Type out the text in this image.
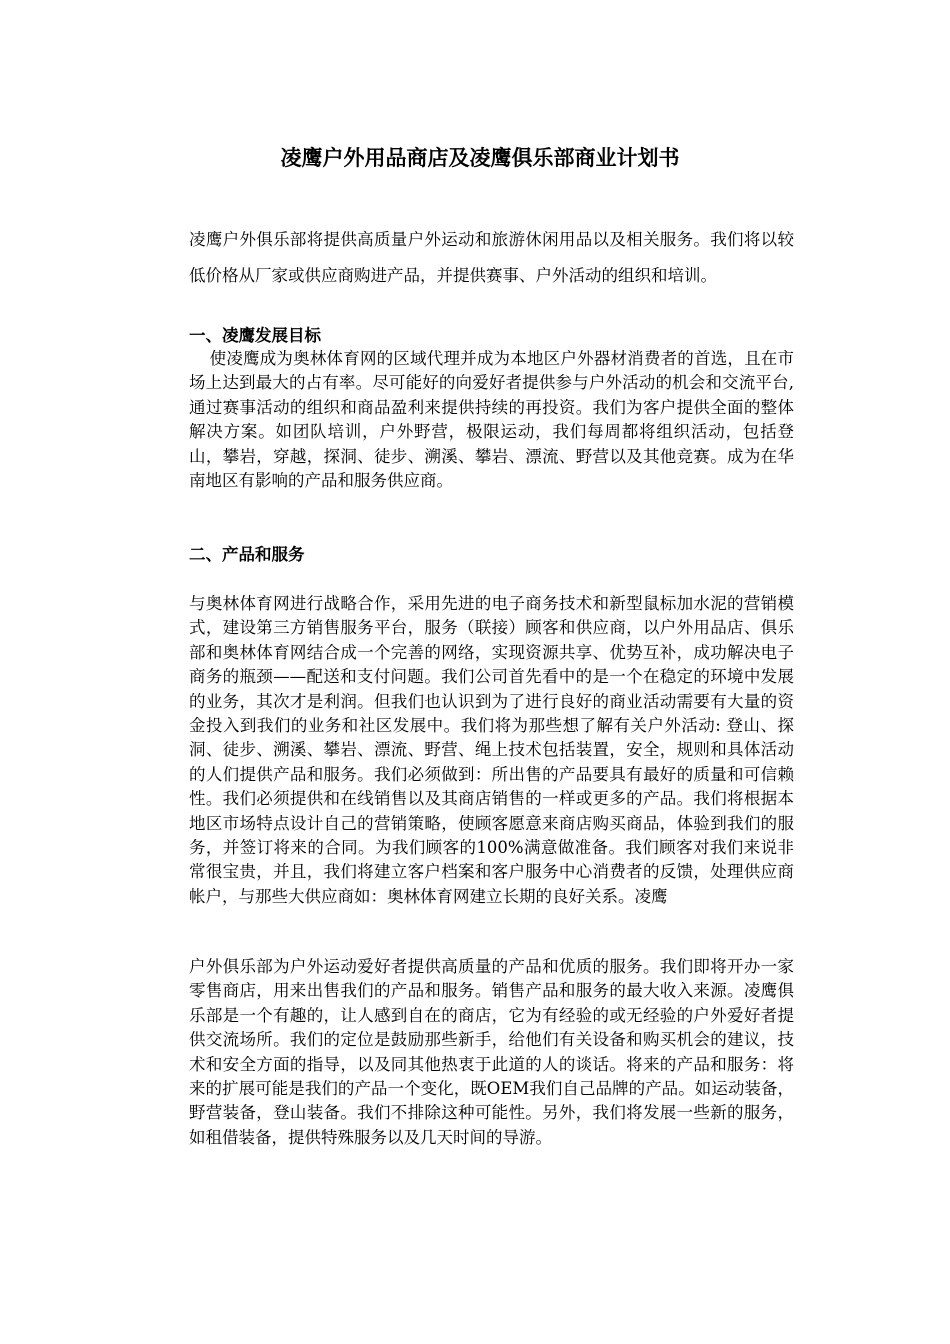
凌鹰户外用品商店及凌鹰俱乐部商业计划书

凌鹰户外俱乐部将提供高质量户外运动和旅游休闲用品以及相关服务。我们将以较低价格从厂家或供应商购进产品，并提供赛事、户外活动的组织和培训。

一、凌鹰发展目标

使凌鹰成为奥林体育网的区域代理并成为本地区户外器材消费者的首选，且在市场上达到最大的占有率。尽可能好的向爱好者提供参与户外活动的机会和交流平台,通过赛事活动的组织和商品盈利来提供持续的再投资。我们为客户提供全面的整体解决方案。如团队培训，户外野营，极限运动，我们每周都将组织活动，包括登山，攀岩，穿越，探洞、徒步、溯溪、攀岩、漂流、野营以及其他竞赛。成为在华南地区有影响的产品和服务供应商。

二、产品和服务

与奥林体育网进行战略合作，采用先进的电子商务技术和新型鼠标加水泥的营销模式，建设第三方销售服务平台，服务（联接）顾客和供应商，以户外用品店、俱乐部和奥林体育网结合成一个完善的网络，实现资源共享、优势互补，成功解决电子商务的瓶颈——配送和支付问题。我们公司首先看中的是一个在稳定的环境中发展的业务，其次才是利润。但我们也认识到为了进行良好的商业活动需要有大量的资金投入到我们的业务和社区发展中。我们将为那些想了解有关户外活动: 登山、探洞、徒步、溯溪、攀岩、漂流、野营、绳上技术包括装置，安全，规则和具体活动的人们提供产品和服务。我们必须做到：所出售的产品要具有最好的质量和可信赖性。我们必须提供和在线销售以及其商店销售的一样或更多的产品。我们将根据本地区市场特点设计自己的营销策略，使顾客愿意来商店购买商品，体验到我们的服务，并签订将来的合同。为我们顾客的100%满意做准备。我们顾客对我们来说非常很宝贵，并且，我们将建立客户档案和客户服务中心消费者的反馈，处理供应商帐户，与那些大供应商如：奥林体育网建立长期的良好关系。凌鹰

户外俱乐部为户外运动爱好者提供高质量的产品和优质的服务。我们即将开办一家零售商店，用来出售我们的产品和服务。销售产品和服务的最大收入来源。凌鹰俱乐部是一个有趣的，让人感到自在的商店，它为有经验的或无经验的户外爱好者提供交流场所。我们的定位是鼓励那些新手，给他们有关设备和购买机会的建议，技术和安全方面的指导，以及同其他热衷于此道的人的谈话。将来的产品和服务：将来的扩展可能是我们的产品一个变化，既OEM我们自己品牌的产品。如运动装备，野营装备，登山装备。我们不排除这种可能性。另外，我们将发展一些新的服务，如租借装备，提供特殊服务以及几天时间的导游。
